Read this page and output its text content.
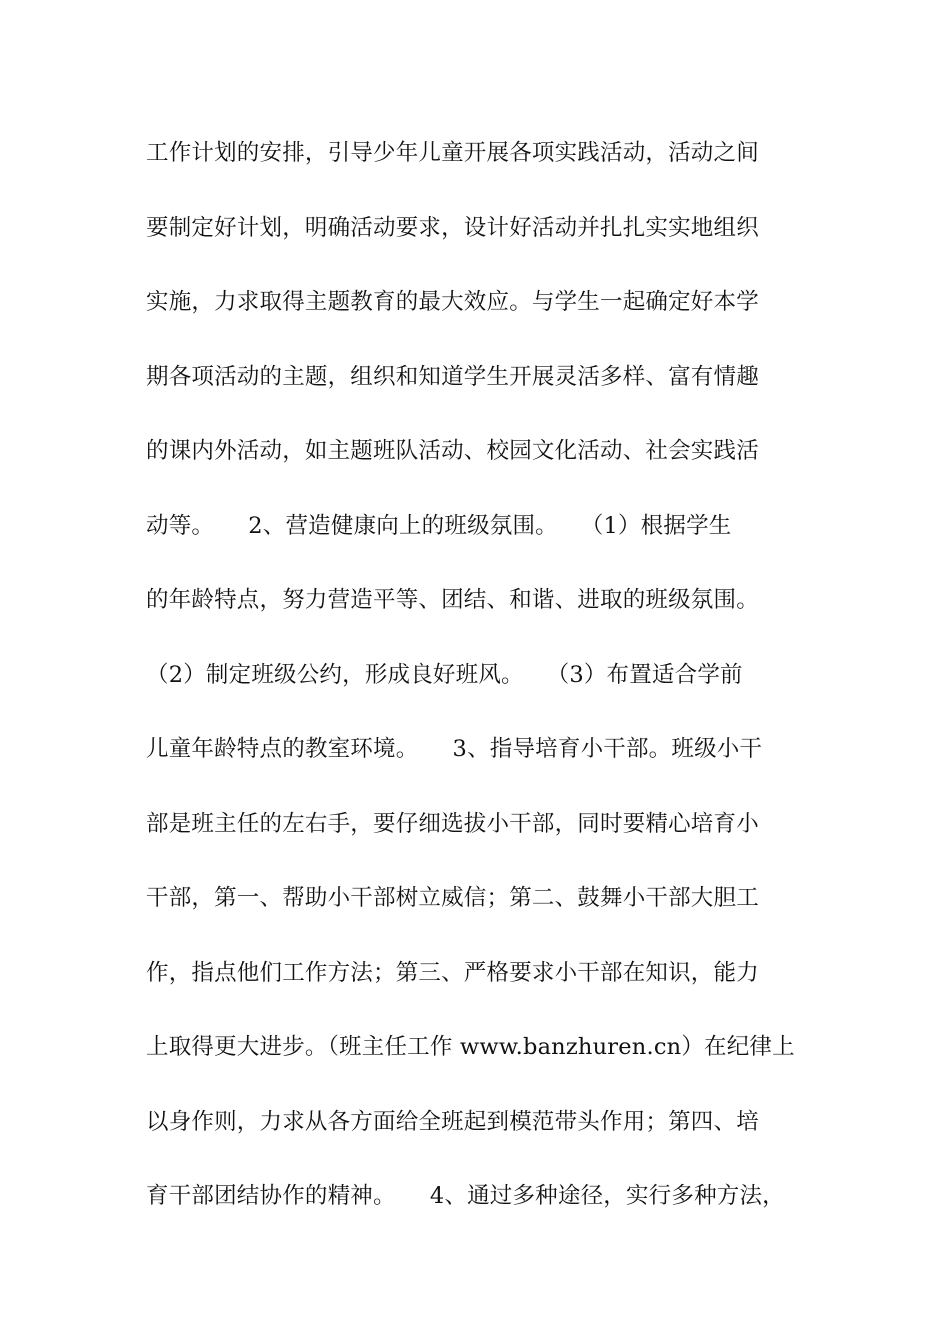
工作计划的安排，引导少年儿童开展各项实践活动，活动之间
要制定好计划，明确活动要求，设计好活动并扎扎实实地组织
实施，力求取得主题教育的最大效应。与学生一起确定好本学
期各项活动的主题，组织和知道学生开展灵活多样、富有情趣
的课内外活动，如主题班队活动、校园文化活动、社会实践活
动等。　　2、营造健康向上的班级氛围。　　（1）根据学生
的年龄特点，努力营造平等、团结、和谐、进取的班级氛围。
（2）制定班级公约，形成良好班风。　　（3）布置适合学前
儿童年龄特点的教室环境。　　3、指导培育小干部。班级小干
部是班主任的左右手，要仔细选拔小干部，同时要精心培育小
干部，第一、帮助小干部树立威信；第二、鼓舞小干部大胆工
作，指点他们工作方法；第三、严格要求小干部在知识，能力
上取得更大进步。（班主任工作 www.banzhuren.cn）在纪律上
以身作则，力求从各方面给全班起到模范带头作用；第四、培
育干部团结协作的精神。　　4、通过多种途径，实行多种方法，
